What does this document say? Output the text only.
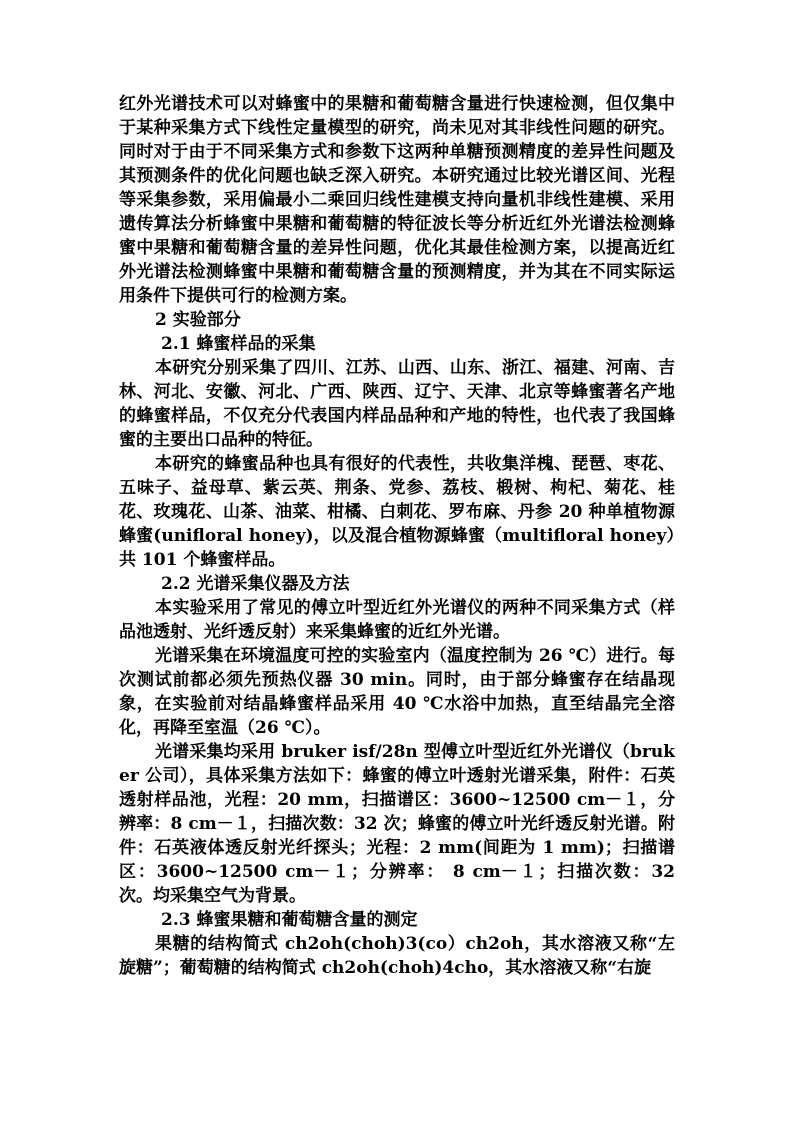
红外光谱技术可以对蜂蜜中的果糖和葡萄糖含量进行快速检测，但仅集中于某种采集方式下线性定量模型的研究，尚未见对其非线性问题的研究。同时对于由于不同采集方式和参数下这两种单糖预测精度的差异性问题及其预测条件的优化问题也缺乏深入研究。本研究通过比较光谱区间、光程等采集参数，采用偏最小二乘回归线性建模支持向量机非线性建模、采用遗传算法分析蜂蜜中果糖和葡萄糖的特征波长等分析近红外光谱法检测蜂蜜中果糖和葡萄糖含量的差异性问题，优化其最佳检测方案，以提高近红外光谱法检测蜂蜜中果糖和葡萄糖含量的预测精度，并为其在不同实际运用条件下提供可行的检测方案。

2 实验部分

2.1 蜂蜜样品的采集

本研究分别采集了四川、江苏、山西、山东、浙江、福建、河南、吉林、河北、安徽、河北、广西、陕西、辽宁、天津、北京等蜂蜜著名产地的蜂蜜样品，不仅充分代表国内样品品种和产地的特性，也代表了我国蜂蜜的主要出口品种的特征。

本研究的蜂蜜品种也具有很好的代表性，共收集洋槐、琵琶、枣花、五味子、益母草、紫云英、荆条、党参、荔枝、椴树、枸杞、菊花、桂花、玫瑰花、山茶、油菜、柑橘、白刺花、罗布麻、丹参 20 种单植物源蜂蜜(unifloral honey)，以及混合植物源蜂蜜（multifloral honey）共 101 个蜂蜜样品。

2.2 光谱采集仪器及方法

本实验采用了常见的傅立叶型近红外光谱仪的两种不同采集方式（样品池透射、光纤透反射）来采集蜂蜜的近红外光谱。

光谱采集在环境温度可控的实验室内（温度控制为 26 ℃）进行。每次测试前都必须先预热仪器 30 min。同时，由于部分蜂蜜存在结晶现象，在实验前对结晶蜂蜜样品采用 40 ℃水浴中加热，直至结晶完全溶化，再降至室温（26 ℃）。

光谱采集均采用 bruker isf/28n 型傅立叶型近红外光谱仪（bruker 公司），具体采集方法如下：蜂蜜的傅立叶透射光谱采集，附件：石英透射样品池，光程：20 mm，扫描谱区：3600~12500 cm－１，分辨率：8 cm－１，扫描次数：32 次；蜂蜜的傅立叶光纤透反射光谱。附件：石英液体透反射光纤探头；光程：2 mm(间距为 1 mm)；扫描谱区：3600~12500 cm－１；分辨率： 8 cm－１；扫描次数：32 次。均采集空气为背景。

2.3 蜂蜜果糖和葡萄糖含量的测定

果糖的结构简式 ch2oh(choh)3(co）ch2oh，其水溶液又称“左旋糖”；葡萄糖的结构简式 ch2oh(choh)4cho，其水溶液又称“右旋
